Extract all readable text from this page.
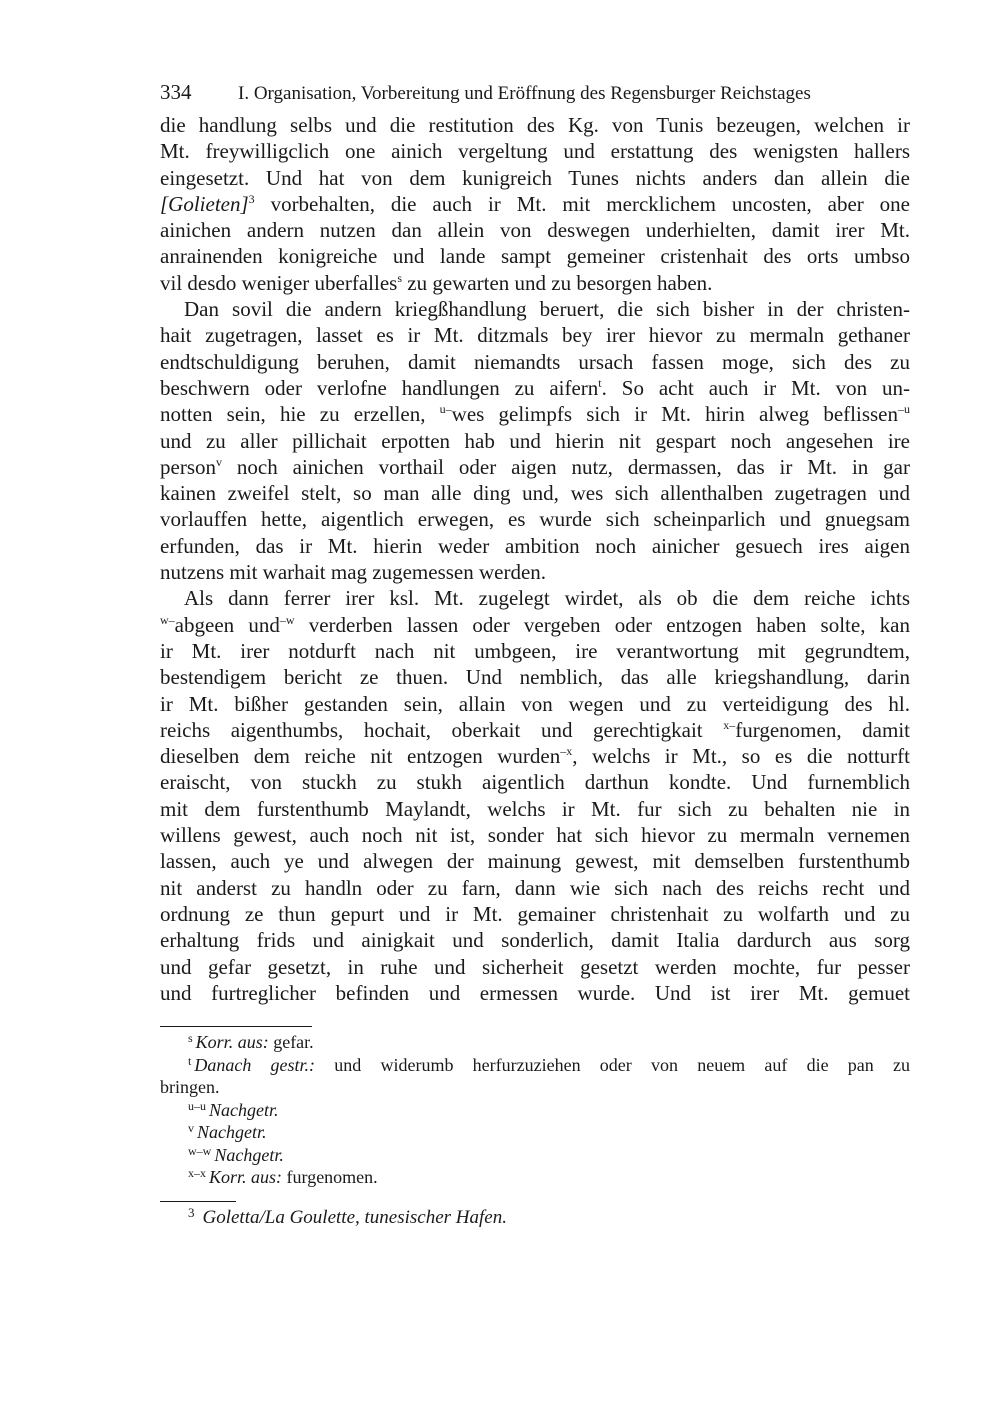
334	I. Organisation, Vorbereitung und Eröffnung des Regensburger Reichstages
die handlung selbs und die restitution des Kg. von Tunis bezeugen, welchen ir
Mt. freywilligclich one ainich vergeltung und erstattung des wenigsten hallers
eingesetzt. Und hat von dem kunigreich Tunes nichts anders dan allein die
[Golieten]$^3$ vorbehalten, die auch ir Mt. mit mercklichem uncosten, aber one
ainichen andern nutzen dan allein von deswegen underhielten, damit irer Mt.
anrainenden konigreiche und lande sampt gemeiner cristenhait des orts umbso
vil desdo weniger uberfalles$^s$ zu gewarten und zu besorgen haben.
Dan sovil die andern kriegßhandlung beruert, die sich bisher in der christen-
hait zugetragen, lasset es ir Mt. ditzmals bey irer hievor zu mermaln gethaner
endtschuldigung beruhen, damit niemandts ursach fassen moge, sich des zu
beschwern oder verlofne handlungen zu aifern$^t$. So acht auch ir Mt. von un-
notten sein, hie zu erzellen, $^{u-}$wes gelimpfs sich ir Mt. hirin alweg beflissen$^{-u}$
und zu aller pillichait erpotten hab und hierin nit gespart noch angesehen ire
person$^v$ noch ainichen vorthail oder aigen nutz, dermassen, das ir Mt. in gar
kainen zweifel stelt, so man alle ding und, wes sich allenthalben zugetragen und
vorlauffen hette, aigentlich erwegen, es wurde sich scheinparlich und gnuegsam
erfunden, das ir Mt. hierin weder ambition noch ainicher gesuech ires aigen
nutzens mit warhait mag zugemessen werden.
Als dann ferrer irer ksl. Mt. zugelegt wirdet, als ob die dem reiche ichts
$^{w-}$abgeen und$^{-w}$ verderben lassen oder vergeben oder entzogen haben solte, kan
ir Mt. irer notdurft nach nit umbgeen, ire verantwortung mit gegrundtem,
bestendigem bericht ze thuen. Und nemblich, das alle kriegshandlung, darin
ir Mt. bißher gestanden sein, allain von wegen und zu verteidigung des hl.
reichs aigenthumbs, hochait, oberkait und gerechtigkait $^{x-}$furgenomen, damit
dieselben dem reiche nit entzogen wurden$^{-x}$, welchs ir Mt., so es die notturft
eraischt, von stuckh zu stukh aigentlich darthun kondte. Und furnemblich
mit dem furstenthumb Maylandt, welchs ir Mt. fur sich zu behalten nie in
willens gewest, auch noch nit ist, sonder hat sich hievor zu mermaln vernemen
lassen, auch ye und alwegen der mainung gewest, mit demselben furstenthumb
nit anderst zu handln oder zu farn, dann wie sich nach des reichs recht und
ordnung ze thun gepurt und ir Mt. gemainer christenhait zu wolfarth und zu
erhaltung frids und ainigkait und sonderlich, damit Italia dardurch aus sorg
und gefar gesetzt, in ruhe und sicherheit gesetzt werden mochte, fur pesser
und furtreglicher befinden und ermessen wurde. Und ist irer Mt. gemuet
$^s$ Korr. aus: gefar.
$^t$ Danach gestr.: und widerumb herfurzuziehen oder von neuem auf die pan zu
bringen.
$^{u-u}$ Nachgetr.
$^v$ Nachgetr.
$^{w-w}$ Nachgetr.
$^{x-x}$ Korr. aus: furgenomen.
$^3$ Goletta/La Goulette, tunesischer Hafen.
